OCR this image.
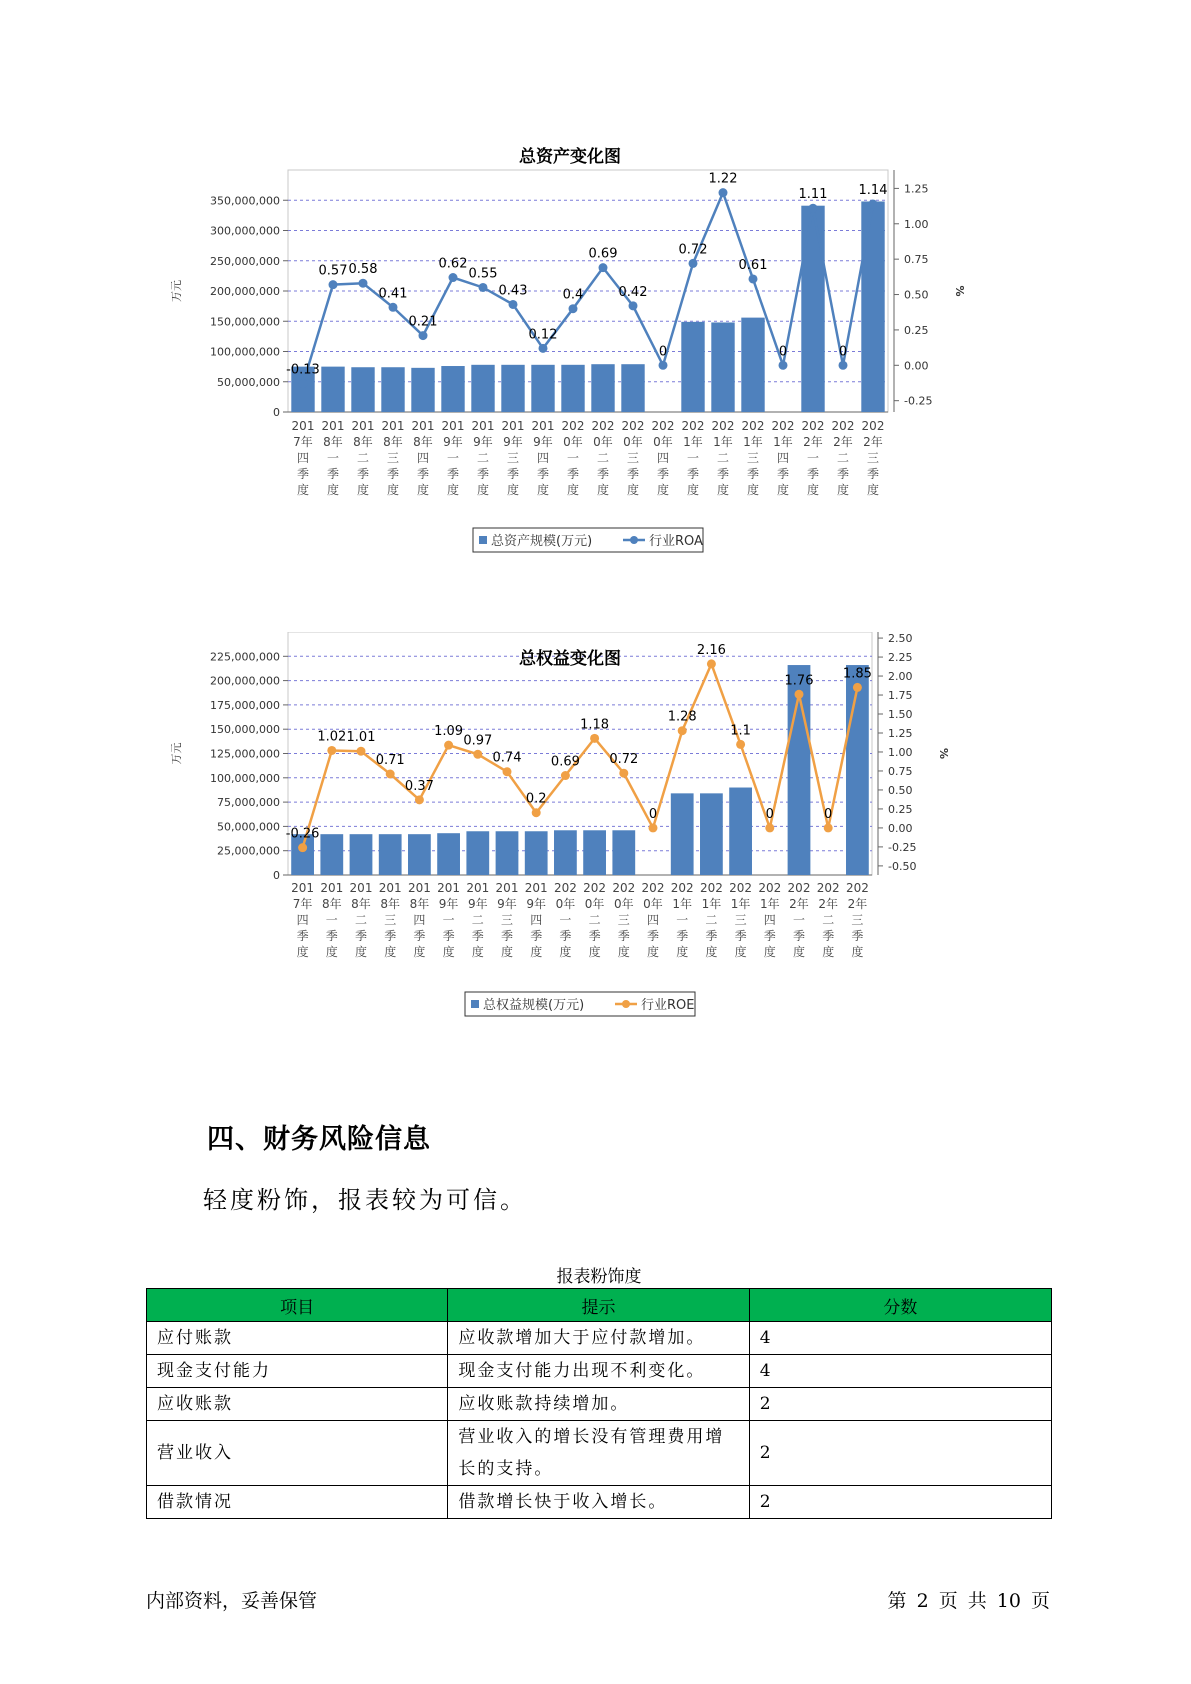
总资产变化图
0
50,000,000
100,000,000
150,000,000
200,000,000
250,000,000
300,000,000
350,000,000
万元
-0.25
0.00
0.25
0.50
0.75
1.00
1.25
%
-0.13
0.57 0.58
0.41
0.21
0.62
0.55
0.43
0.12
0.4
0.69
0.42
0
0.72
1.22
0.61
0
1.11
0
1.14
201
7年
四
季
度
201
8年
一
季
度
201
8年
二
季
度
201
8年
三
季
度
201
8年
四
季
度
201
9年
一
季
度
201
9年
二
季
度
201
9年
三
季
度
201
9年
四
季
度
202
0年
一
季
度
202
0年
二
季
度
202
0年
三
季
度
202
0年
四
季
度
202
1年
一
季
度
202
1年
二
季
度
202
1年
三
季
度
202
1年
四
季
度
202
2年
一
季
度
202
2年
二
季
度
202
2年
三
季
度
总资产规模(万元)	行业ROA
总权益变化图
0
25,000,000
50,000,000
75,000,000
100,000,000
125,000,000
150,000,000
175,000,000
200,000,000
225,000,000
万元
-0.50
-0.25
0.00
0.25
0.50
0.75
1.00
1.25
1.50
1.75
2.00
2.25
2.50
%
-0.26
1.02 1.01
0.71
0.37
1.09
0.97
0.74
0.2
0.69
1.18
0.72
0
1.28
2.16
1.1
0
1.76
0
1.85
201
7年
四
季
度
201
8年
一
季
度
201
8年
二
季
度
201
8年
三
季
度
201
8年
四
季
度
201
9年
一
季
度
201
9年
二
季
度
201
9年
三
季
度
201
9年
四
季
度
202
0年
一
季
度
202
0年
二
季
度
202
0年
三
季
度
202
0年
四
季
度
202
1年
一
季
度
202
1年
二
季
度
202
1年
三
季
度
202
1年
四
季
度
202
2年
一
季
度
202
2年
二
季
度
202
2年
三
季
度
总权益规模(万元)	行业ROE
四、财务风险信息
轻度粉饰，报表较为可信。
报表粉饰度
项目	提示	分数
应付账款	应收款增加大于应付款增加。	4
现金支付能力	现金支付能力出现不利变化。	4
应收账款	应收账款持续增加。	2
营业收入	营业收入的增长没有管理费用增长的支持。	2
借款情况	借款增长快于收入增长。	2
内部资料，妥善保管	第 2 页 共 10 页
